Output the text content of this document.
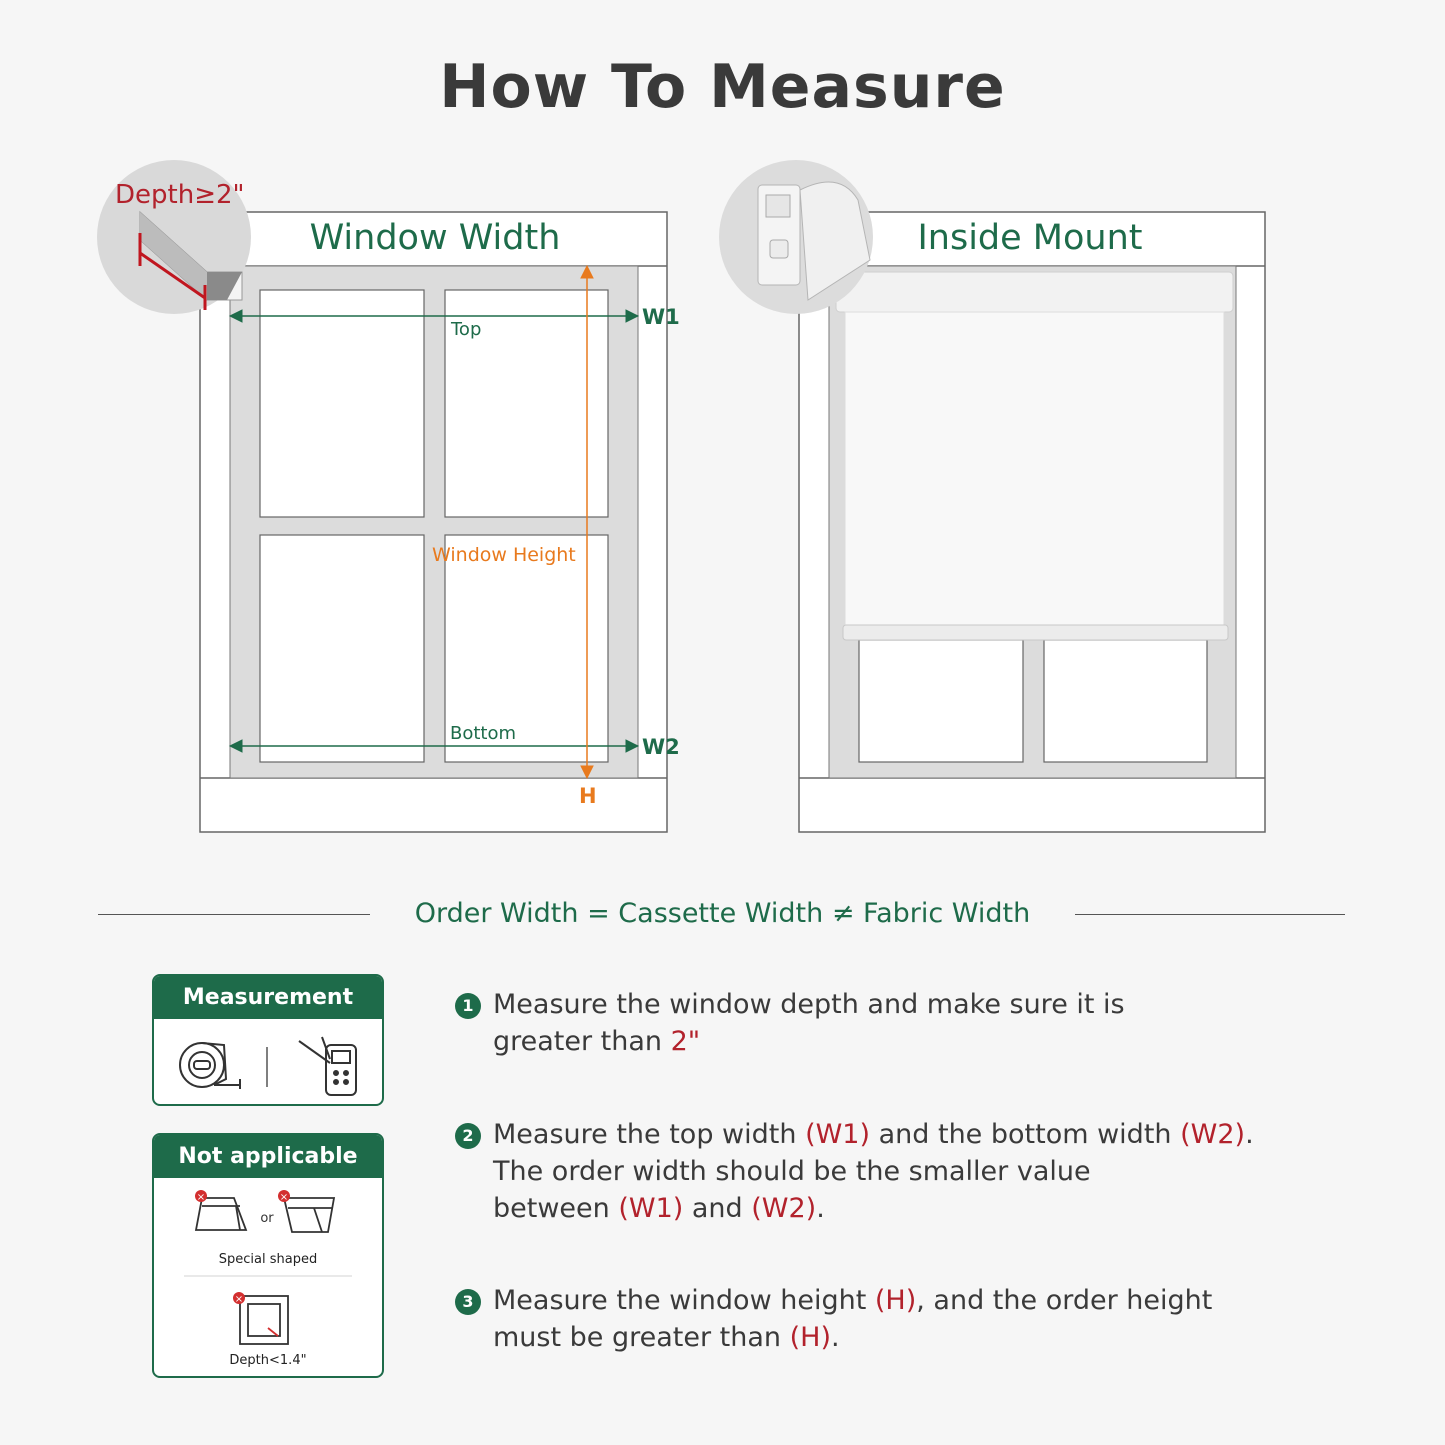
How To Measure
Window Width
Depth≥2"
Top
Bottom
Window Height
W1
W2
H
Inside Mount
Order Width = Cassette Width ≠ Fabric Width
Measurement
Not applicable
×	×
×
or
Special shaped
Depth<1.4"
1 Measure the window depth and make sure it is
greater than 2"
2 Measure the top width (W1) and the bottom width (W2).
The order width should be the smaller value
between (W1) and (W2).
3 Measure the window height (H), and the order height
must be greater than (H).
